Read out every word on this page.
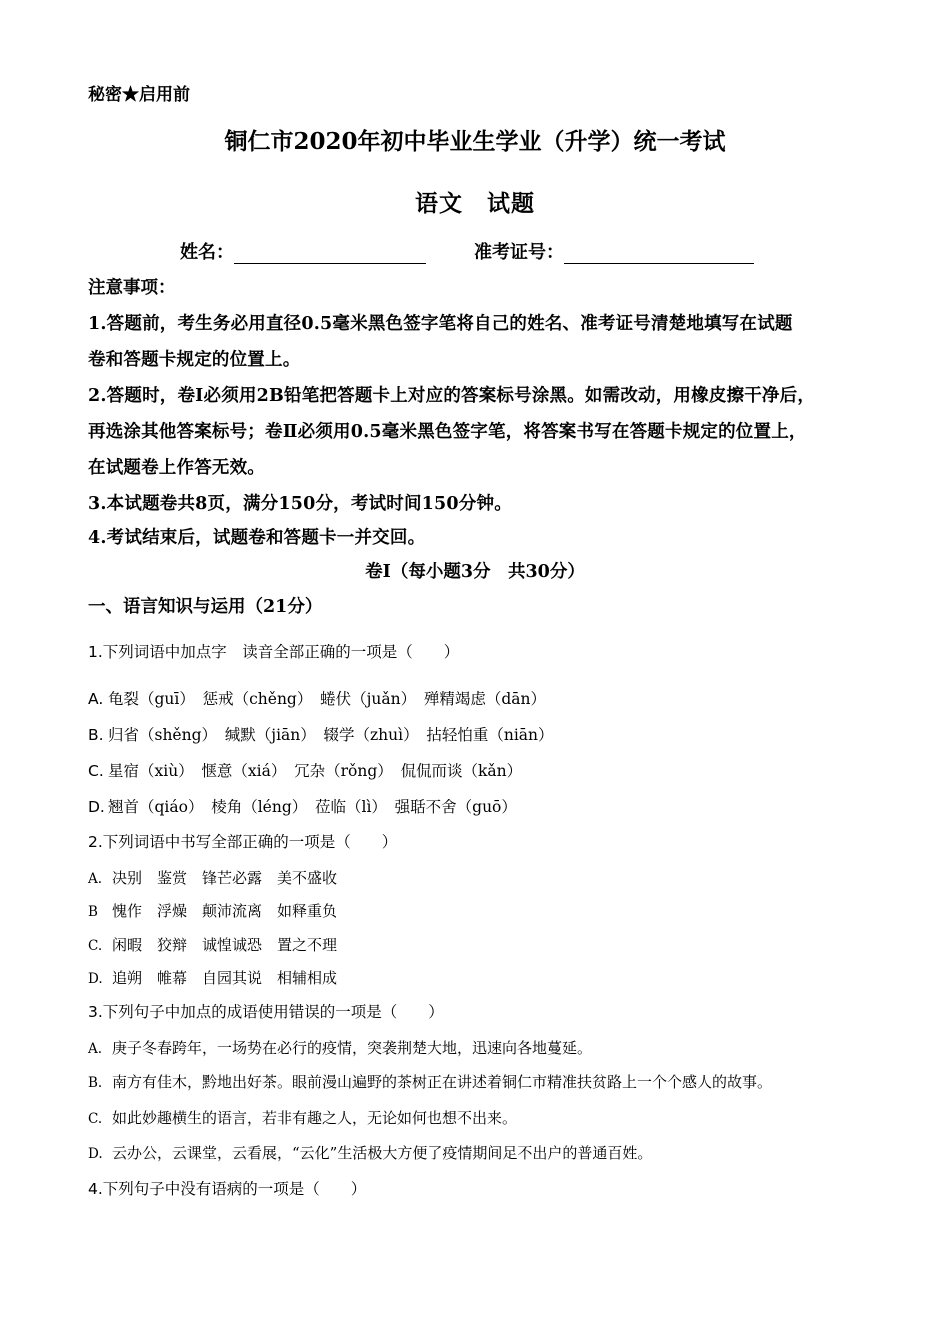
秘密★启用前
铜仁市2020年初中毕业生学业（升学）统一考试
语文　试题
姓名：	准考证号：
注意事项：
1.答题前，考生务必用直径0.5毫米黑色签字笔将自己的姓名、准考证号清楚地填写在试题
卷和答题卡规定的位置上。
2.答题时，卷Ⅰ必须用2B铅笔把答题卡上对应的答案标号涂黑。如需改动，用橡皮擦干净后，
再选涂其他答案标号；卷Ⅱ必须用0.5毫米黑色签字笔，将答案书写在答题卡规定的位置上，
在试题卷上作答无效。
3.本试题卷共8页，满分150分，考试时间150分钟。
4.考试结束后，试题卷和答题卡一并交回。
卷Ⅰ（每小题3分　共30分）
一、语言知识与运用（21分）
1.下列词语中加点字　读音全部正确的一项是（　　）
A. 龟裂（guī）　惩戒（chěng）　蜷伏（juǎn）　殚精竭虑（dān）
B. 归省（shěng）　缄默（jiān）　辍学（zhuì）　拈轻怕重（niān）
C. 星宿（xiù）　惬意（xiá）　冗杂（rǒng）　侃侃而谈（kǎn）
D. 翘首（qiáo）　棱角（léng）　莅临（lì）　强聒不舍（guō）
2.下列词语中书写全部正确的一项是（　　）
A. 决别　鉴赏　锋芒必露　美不盛收
B 愧作　浮燥　颠沛流离　如释重负
C. 闲暇　狡辩　诚惶诚恐　置之不理
D. 追朔　帷幕　自园其说　相辅相成
3.下列句子中加点的成语使用错误的一项是（　　）
A. 庚子冬春跨年，一场势在必行的疫情，突袭荆楚大地，迅速向各地蔓延。
B. 南方有佳木，黔地出好茶。眼前漫山遍野的茶树正在讲述着铜仁市精准扶贫路上一个个感人的故事。
C. 如此妙趣横生的语言，若非有趣之人，无论如何也想不出来。
D. 云办公，云课堂，云看展，“云化”生活极大方便了疫情期间足不出户的普通百姓。
4.下列句子中没有语病的一项是（　　）
